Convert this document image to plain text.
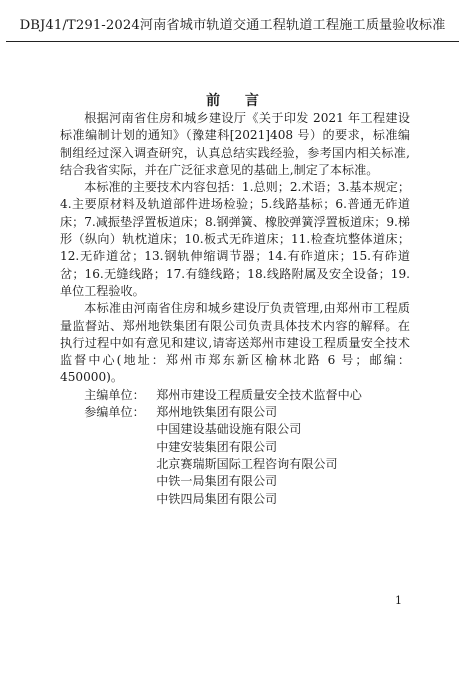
DBJ41/T291-2024河南省城市轨道交通工程轨道工程施工质量验收标准
前 言

根据河南省住房和城乡建设厅《关于印发 2021 年工程建设标准编制计划的通知》（豫建科[2021]408 号）的要求，标准编制组经过深入调查研究，认真总结实践经验，参考国内相关标准,结合我省实际，并在广泛征求意见的基础上,制定了本标准。

本标准的主要技术内容包括：1.总则；2.术语；3.基本规定；4.主要原材料及轨道部件进场检验；5.线路基标；6.普通无砟道床；7.减振垫浮置板道床；8.钢弹簧、橡胶弹簧浮置板道床；9.梯形（纵向）轨枕道床；10.板式无砟道床；11.检查坑整体道床；12.无砟道岔；13.钢轨伸缩调节器；14.有砟道床；15.有砟道岔；16.无缝线路；17.有缝线路；18.线路附属及安全设备；19.单位工程验收。

本标准由河南省住房和城乡建设厅负责管理,由郑州市工程质量监督站、郑州地铁集团有限公司负责具体技术内容的解释。在执行过程中如有意见和建议,请寄送郑州市建设工程质量安全技术监督中心(地址：郑州市郑东新区榆林北路 6 号；邮编：450000)。

主编单位： 郑州市建设工程质量安全技术监督中心
参编单位： 郑州地铁集团有限公司
中国建设基础设施有限公司
中建安装集团有限公司
北京赛瑞斯国际工程咨询有限公司
中铁一局集团有限公司
中铁四局集团有限公司
1
